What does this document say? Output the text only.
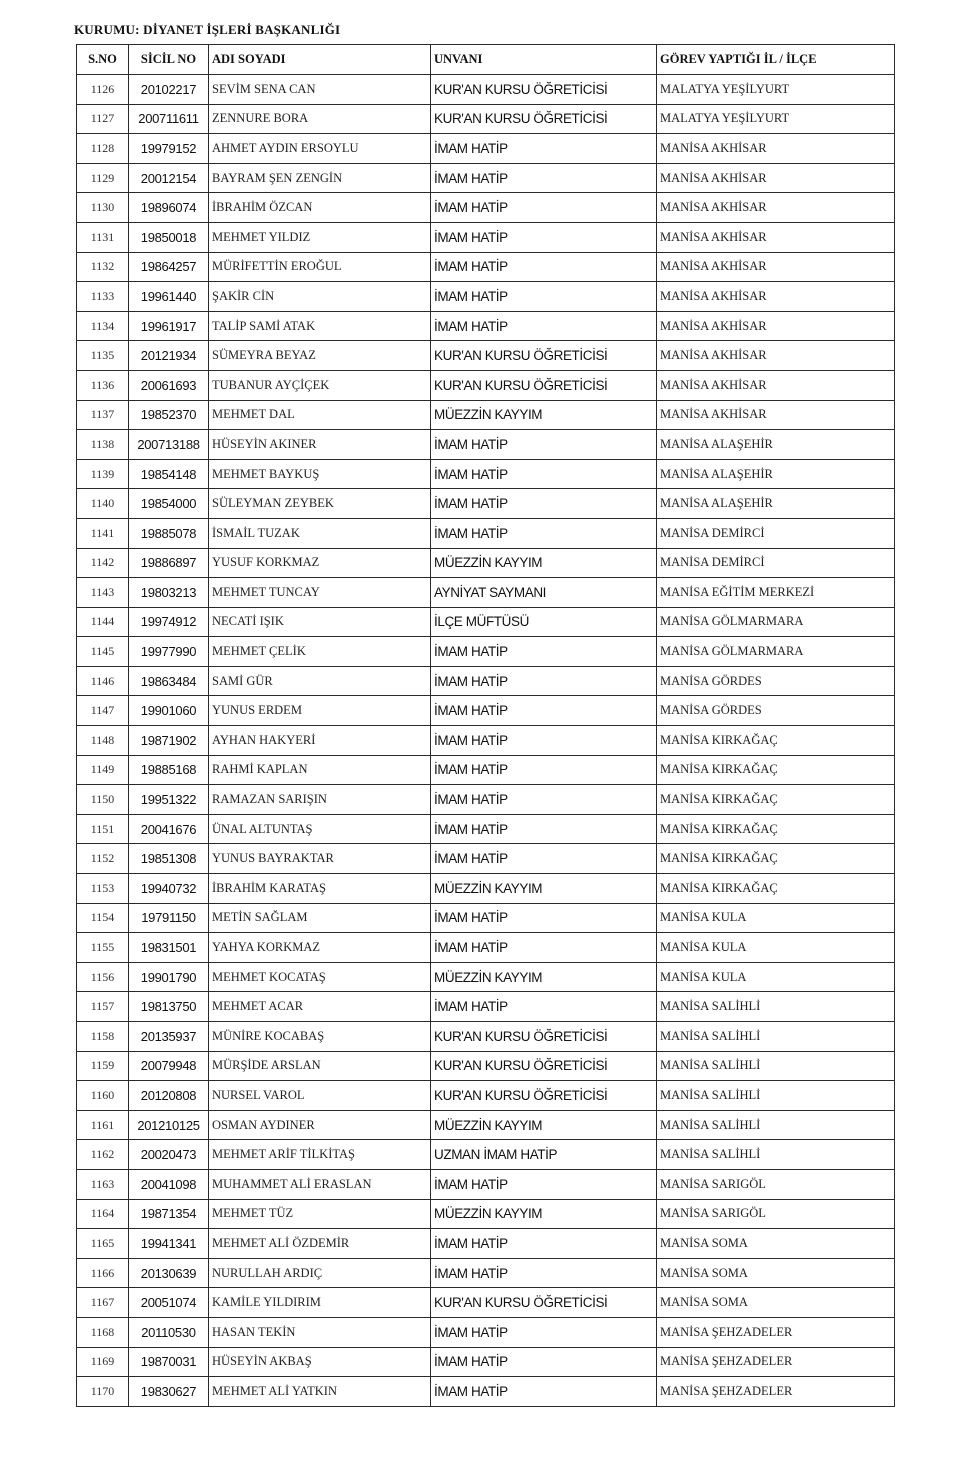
KURUMU: DİYANET İŞLERİ BAŞKANLIĞI
S.NO	SİCİL NO	ADI SOYADI	UNVANI	GÖREV YAPTIĞI İL / İLÇE
1126	20102217	SEVİM SENA CAN	KUR'AN KURSU ÖĞRETİCİSİ	MALATYA YEŞİLYURT
1127	200711611	ZENNURE BORA	KUR'AN KURSU ÖĞRETİCİSİ	MALATYA YEŞİLYURT
1128	19979152	AHMET AYDIN ERSOYLU	İMAM HATİP	MANİSA AKHİSAR
1129	20012154	BAYRAM ŞEN ZENGİN	İMAM HATİP	MANİSA AKHİSAR
1130	19896074	İBRAHİM ÖZCAN	İMAM HATİP	MANİSA AKHİSAR
1131	19850018	MEHMET YILDIZ	İMAM HATİP	MANİSA AKHİSAR
1132	19864257	MÜRİFETTİN EROĞUL	İMAM HATİP	MANİSA AKHİSAR
1133	19961440	ŞAKİR CİN	İMAM HATİP	MANİSA AKHİSAR
1134	19961917	TALİP SAMİ ATAK	İMAM HATİP	MANİSA AKHİSAR
1135	20121934	SÜMEYRA BEYAZ	KUR'AN KURSU ÖĞRETİCİSİ	MANİSA AKHİSAR
1136	20061693	TUBANUR AYÇİÇEK	KUR'AN KURSU ÖĞRETİCİSİ	MANİSA AKHİSAR
1137	19852370	MEHMET DAL	MÜEZZİN KAYYIM	MANİSA AKHİSAR
1138	200713188	HÜSEYİN AKINER	İMAM HATİP	MANİSA ALAŞEHİR
1139	19854148	MEHMET BAYKUŞ	İMAM HATİP	MANİSA ALAŞEHİR
1140	19854000	SÜLEYMAN ZEYBEK	İMAM HATİP	MANİSA ALAŞEHİR
1141	19885078	İSMAİL TUZAK	İMAM HATİP	MANİSA DEMİRCİ
1142	19886897	YUSUF KORKMAZ	MÜEZZİN KAYYIM	MANİSA DEMİRCİ
1143	19803213	MEHMET TUNCAY	AYNİYAT SAYMANI	MANİSA EĞİTİM MERKEZİ
1144	19974912	NECATİ IŞIK	İLÇE MÜFTÜSÜ	MANİSA GÖLMARMARA
1145	19977990	MEHMET ÇELİK	İMAM HATİP	MANİSA GÖLMARMARA
1146	19863484	SAMİ GÜR	İMAM HATİP	MANİSA GÖRDES
1147	19901060	YUNUS ERDEM	İMAM HATİP	MANİSA GÖRDES
1148	19871902	AYHAN HAKYERİ	İMAM HATİP	MANİSA KIRKAĞAÇ
1149	19885168	RAHMİ KAPLAN	İMAM HATİP	MANİSA KIRKAĞAÇ
1150	19951322	RAMAZAN SARIŞIN	İMAM HATİP	MANİSA KIRKAĞAÇ
1151	20041676	ÜNAL ALTUNTAŞ	İMAM HATİP	MANİSA KIRKAĞAÇ
1152	19851308	YUNUS BAYRAKTAR	İMAM HATİP	MANİSA KIRKAĞAÇ
1153	19940732	İBRAHİM KARATAŞ	MÜEZZİN KAYYIM	MANİSA KIRKAĞAÇ
1154	19791150	METİN SAĞLAM	İMAM HATİP	MANİSA KULA
1155	19831501	YAHYA KORKMAZ	İMAM HATİP	MANİSA KULA
1156	19901790	MEHMET KOCATAŞ	MÜEZZİN KAYYIM	MANİSA KULA
1157	19813750	MEHMET ACAR	İMAM HATİP	MANİSA SALİHLİ
1158	20135937	MÜNİRE KOCABAŞ	KUR'AN KURSU ÖĞRETİCİSİ	MANİSA SALİHLİ
1159	20079948	MÜRŞİDE ARSLAN	KUR'AN KURSU ÖĞRETİCİSİ	MANİSA SALİHLİ
1160	20120808	NURSEL VAROL	KUR'AN KURSU ÖĞRETİCİSİ	MANİSA SALİHLİ
1161	201210125	OSMAN AYDINER	MÜEZZİN KAYYIM	MANİSA SALİHLİ
1162	20020473	MEHMET ARİF TİLKİTAŞ	UZMAN İMAM HATİP	MANİSA SALİHLİ
1163	20041098	MUHAMMET ALİ ERASLAN	İMAM HATİP	MANİSA SARIGÖL
1164	19871354	MEHMET TÜZ	MÜEZZİN KAYYIM	MANİSA SARIGÖL
1165	19941341	MEHMET ALİ ÖZDEMİR	İMAM HATİP	MANİSA SOMA
1166	20130639	NURULLAH ARDIÇ	İMAM HATİP	MANİSA SOMA
1167	20051074	KAMİLE YILDIRIM	KUR'AN KURSU ÖĞRETİCİSİ	MANİSA SOMA
1168	20110530	HASAN TEKİN	İMAM HATİP	MANİSA ŞEHZADELER
1169	19870031	HÜSEYİN AKBAŞ	İMAM HATİP	MANİSA ŞEHZADELER
1170	19830627	MEHMET ALİ YATKIN	İMAM HATİP	MANİSA ŞEHZADELER
